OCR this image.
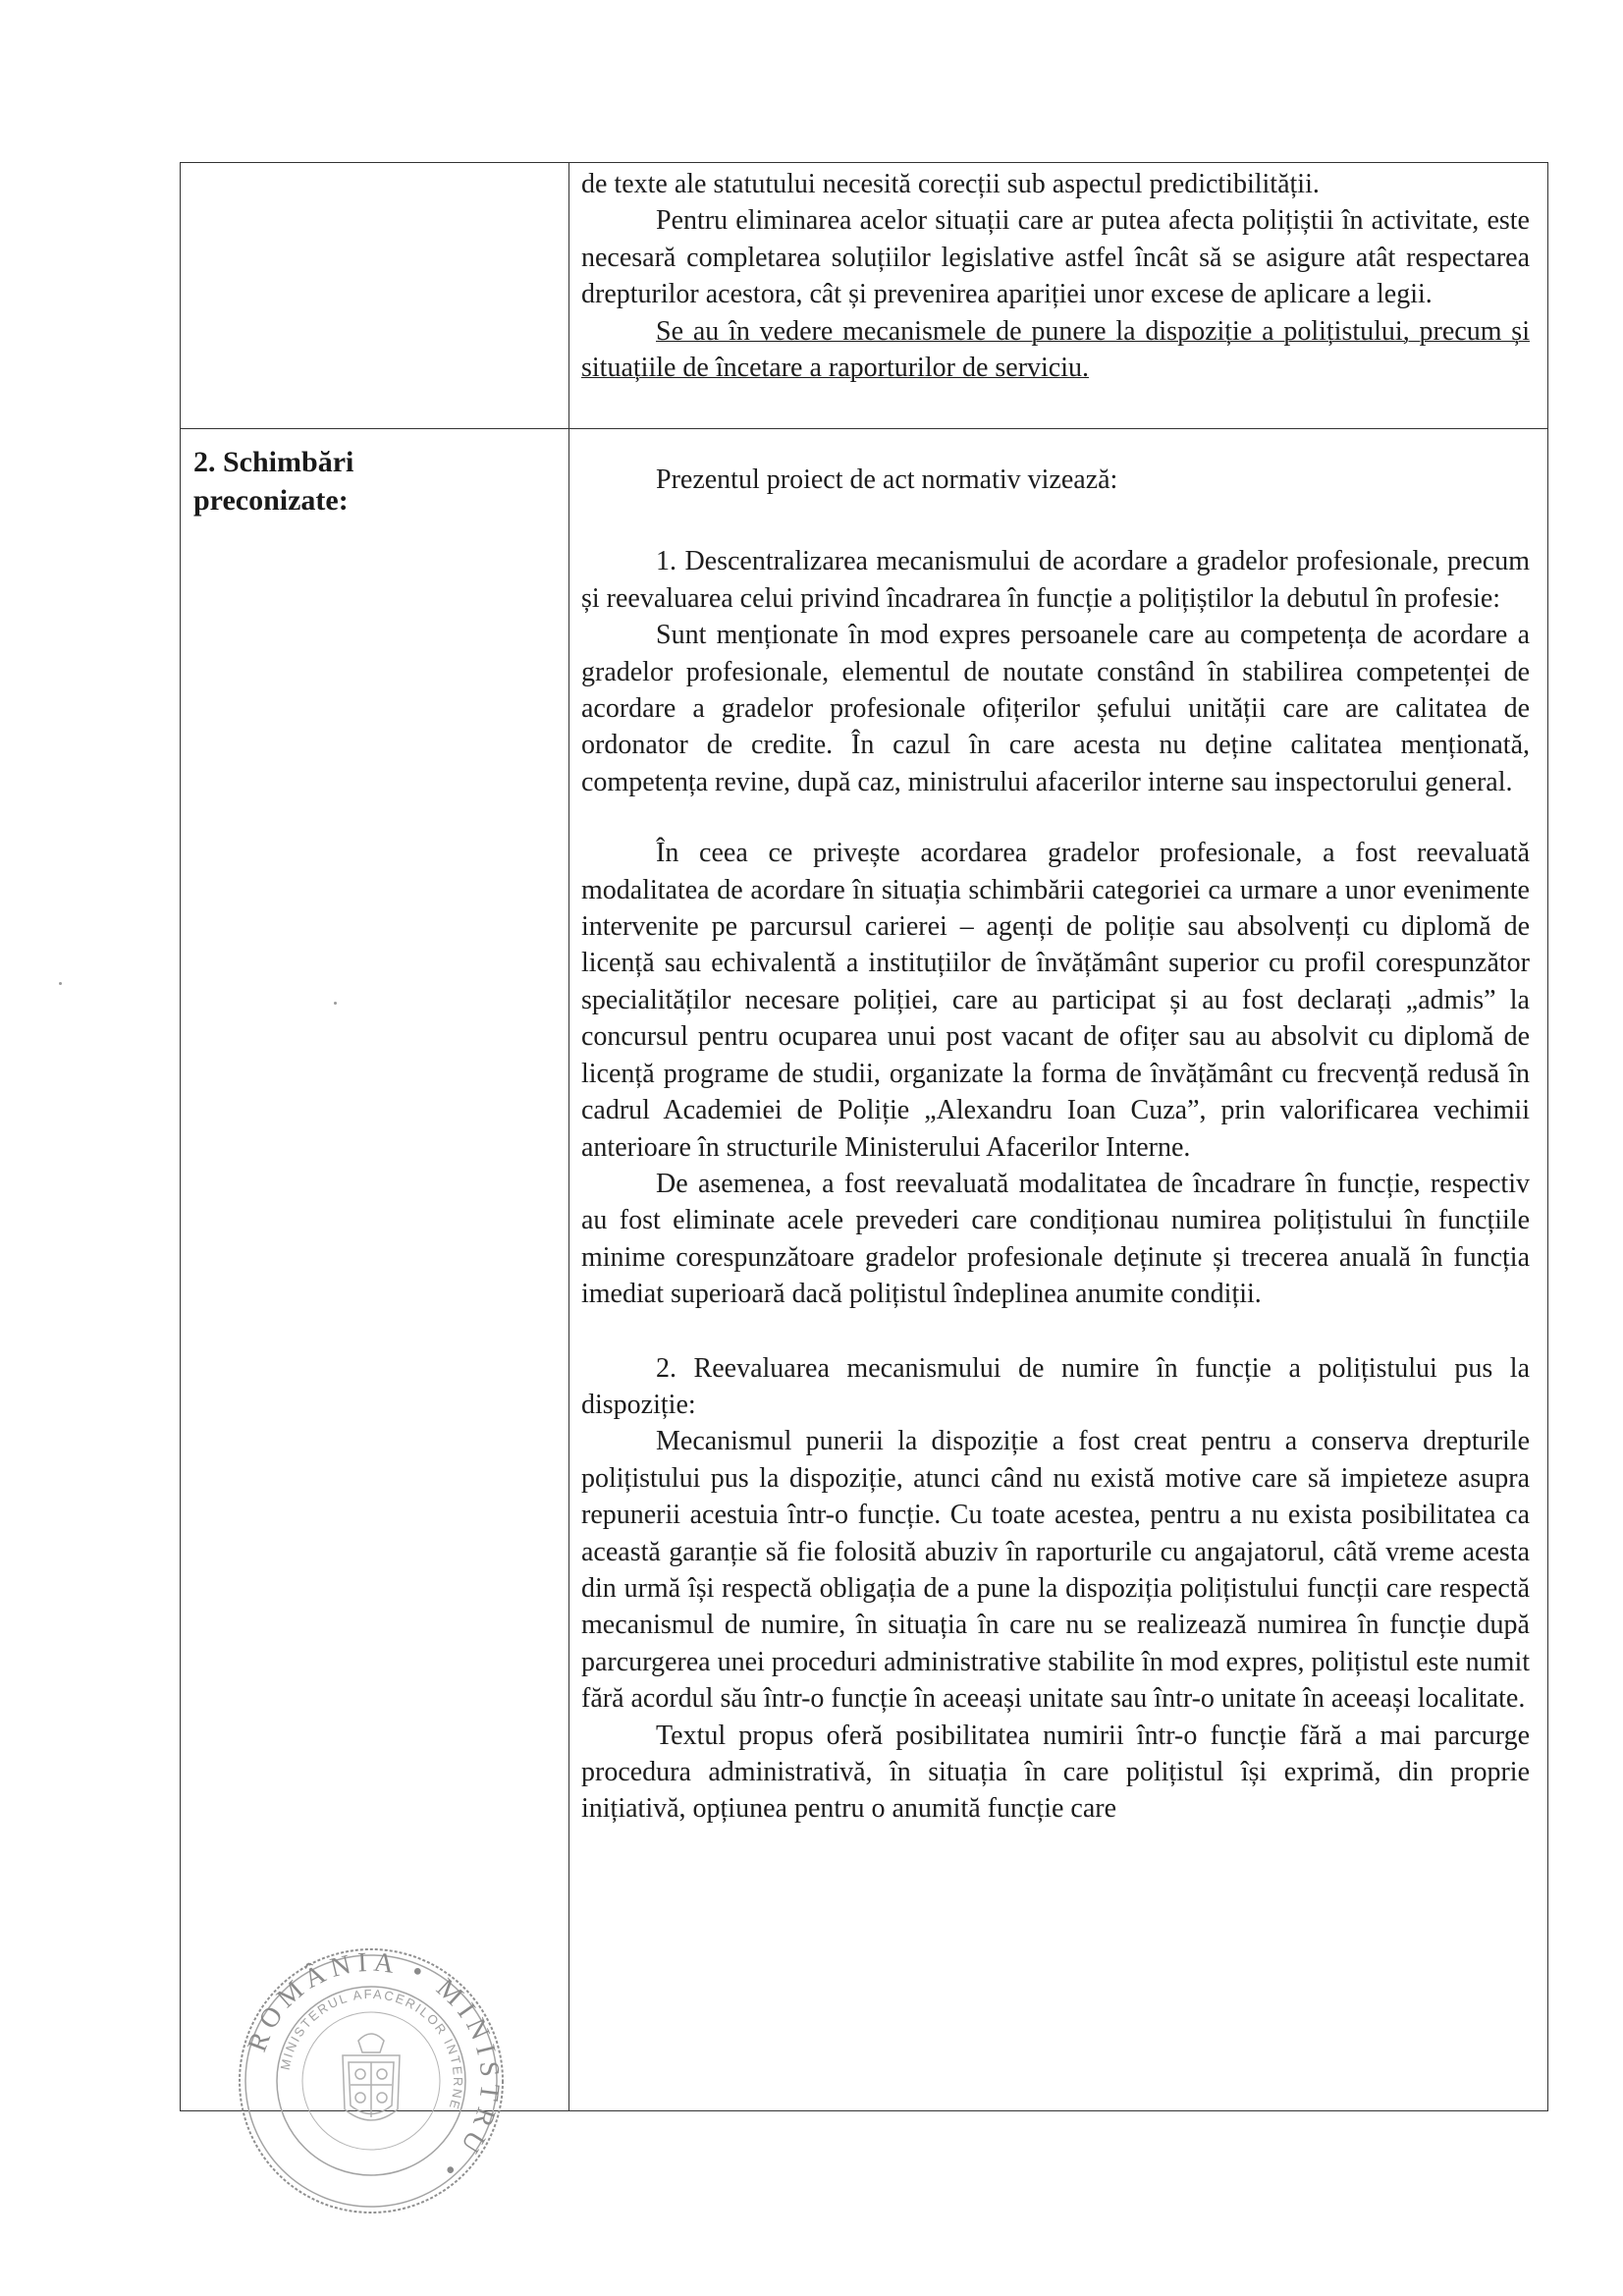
2. Schimbări
preconizate:

de texte ale statutului necesită corecții sub aspectul predictibilității.

Pentru eliminarea acelor situații care ar putea afecta polițiștii în activitate, este necesară completarea soluțiilor legislative astfel încât să se asigure atât respectarea drepturilor acestora, cât și prevenirea apariției unor excese de aplicare a legii.

Se au în vedere mecanismele de punere la dispoziție a polițistului, precum și situațiile de încetare a raporturilor de serviciu.

Prezentul proiect de act normativ vizează:

1. Descentralizarea mecanismului de acordare a gradelor profesionale, precum și reevaluarea celui privind încadrarea în funcție a polițiștilor la debutul în profesie:

Sunt menționate în mod expres persoanele care au competența de acordare a gradelor profesionale, elementul de noutate constând în stabilirea competenței de acordare a gradelor profesionale ofițerilor șefului unității care are calitatea de ordonator de credite. În cazul în care acesta nu deține calitatea menționată, competența revine, după caz, ministrului afacerilor interne sau inspectorului general.

În ceea ce privește acordarea gradelor profesionale, a fost reevaluată modalitatea de acordare în situația schimbării categoriei ca urmare a unor evenimente intervenite pe parcursul carierei – agenți de poliție sau absolvenți cu diplomă de licență sau echivalentă a instituțiilor de învățământ superior cu profil corespunzător specialităților necesare poliției, care au participat și au fost declarați „admis” la concursul pentru ocuparea unui post vacant de ofițer sau au absolvit cu diplomă de licență programe de studii, organizate la forma de învățământ cu frecvență redusă în cadrul Academiei de Poliție „Alexandru Ioan Cuza”, prin valorificarea vechimii anterioare în structurile Ministerului Afacerilor Interne.

De asemenea, a fost reevaluată modalitatea de încadrare în funcție, respectiv au fost eliminate acele prevederi care condiționau numirea polițistului în funcțiile minime corespunzătoare gradelor profesionale deținute și trecerea anuală în funcția imediat superioară dacă polițistul îndeplinea anumite condiții.

2. Reevaluarea mecanismului de numire în funcție a polițistului pus la dispoziție:

Mecanismul punerii la dispoziție a fost creat pentru a conserva drepturile polițistului pus la dispoziție, atunci când nu există motive care să impieteze asupra repunerii acestuia într-o funcție. Cu toate acestea, pentru a nu exista posibilitatea ca această garanție să fie folosită abuziv în raporturile cu angajatorul, câtă vreme acesta din urmă își respectă obligația de a pune la dispoziția polițistului funcții care respectă mecanismul de numire, în situația în care nu se realizează numirea în funcție după parcurgerea unei proceduri administrative stabilite în mod expres, polițistul este numit fără acordul său într-o funcție în aceeași unitate sau într-o unitate în aceeași localitate.

Textul propus oferă posibilitatea numirii într-o funcție fără a mai parcurge procedura administrativă, în situația în care polițistul își exprimă, din proprie inițiativă, opțiunea pentru o anumită funcție care

ROMÂNIA • MINISTRU •
MINISTERUL AFACERILOR INTERNE
